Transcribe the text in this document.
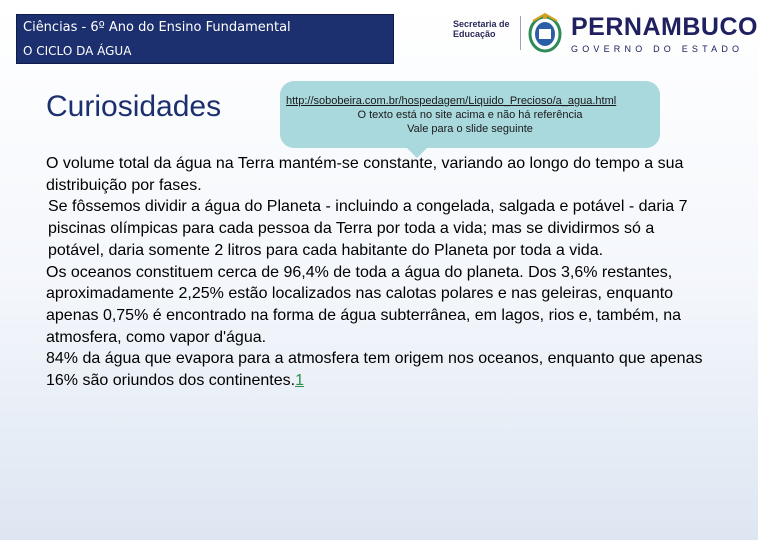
Ciências - 6º Ano do Ensino Fundamental
O CICLO DA ÁGUA
Secretaria de Educação	PERNAMBUCO
GOVERNO DO ESTADO
Curiosidades	http://sobobeira.com.br/hospedagem/Liquido_Precioso/a_agua.html
O texto está no site acima e não há referência
Vale para o slide seguinte

O volume total da água na Terra mantém-se constante, variando ao longo do tempo a sua distribuição por fases.

Se fôssemos dividir a água do Planeta - incluindo a congelada, salgada e potável - daria 7 piscinas olímpicas para cada pessoa da Terra por toda a vida; mas se dividirmos só a potável, daria somente 2 litros para cada habitante do Planeta por toda a vida.

Os oceanos constituem cerca de 96,4% de toda a água do planeta. Dos 3,6% restantes, aproximadamente 2,25% estão localizados nas calotas polares e nas geleiras, enquanto apenas 0,75% é encontrado na forma de água subterrânea, em lagos, rios e, também, na atmosfera, como vapor d'água.

84% da água que evapora para a atmosfera tem origem nos oceanos, enquanto que apenas 16% são oriundos dos continentes.1
